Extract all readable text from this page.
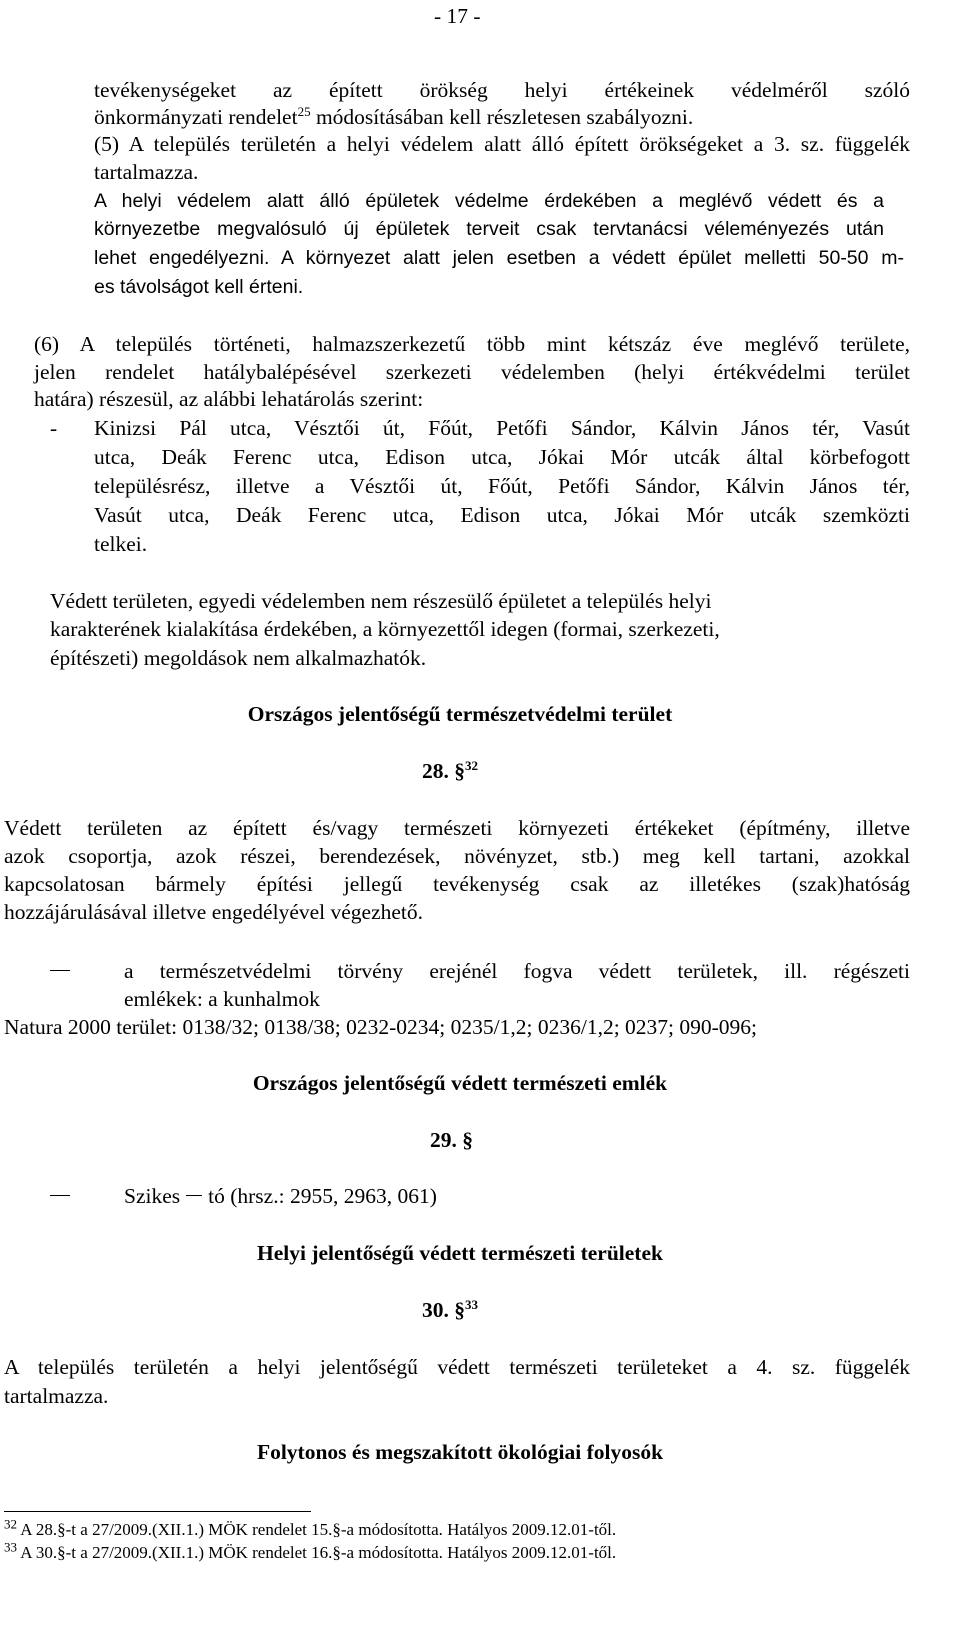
- 17 -
tevékenységeket az épített örökség helyi értékeinek védelméről szóló
önkormányzati rendelet$^{25}$ módosításában kell részletesen szabályozni.
(5) A település területén a helyi védelem alatt álló épített örökségeket a 3. sz. függelék
tartalmazza.
A helyi védelem alatt álló épületek védelme érdekében a meglévő védett és a
környezetbe megvalósuló új épületek terveit csak tervtanácsi véleményezés után
lehet engedélyezni. A környezet alatt jelen esetben a védett épület melletti 50-50 m-
es távolságot kell érteni.
(6) A település történeti, halmazszerkezetű több mint kétszáz éve meglévő területe,
jelen rendelet hatálybalépésével szerkezeti védelemben (helyi értékvédelmi terület
határa) részesül, az alábbi lehatárolás szerint:
- Kinizsi Pál utca, Vésztői út, Főút, Petőfi Sándor, Kálvin János tér, Vasút
utca, Deák Ferenc utca, Edison utca, Jókai Mór utcák által körbefogott
településrész, illetve a Vésztői út, Főút, Petőfi Sándor, Kálvin János tér,
Vasút utca, Deák Ferenc utca, Edison utca, Jókai Mór utcák szemközti
telkei.
Védett területen, egyedi védelemben nem részesülő épületet a település helyi
karakterének kialakítása érdekében, a környezettől idegen (formai, szerkezeti,
építészeti) megoldások nem alkalmazhatók.
Országos jelentőségű természetvédelmi terület
28. §$^{32}$
Védett területen az épített és/vagy természeti környezeti értékeket (építmény, illetve
azok csoportja, azok részei, berendezések, növényzet, stb.) meg kell tartani, azokkal
kapcsolatosan bármely építési jellegű tevékenység csak az illetékes (szak)hatóság
hozzájárulásával illetve engedélyével végezhető.
a természetvédelmi törvény erejénél fogva védett területek, ill. régészeti
emlékek: a kunhalmok
Natura 2000 terület: 0138/32; 0138/38; 0232-0234; 0235/1,2; 0236/1,2; 0237; 090-096;
Országos jelentőségű védett természeti emlék
29. §
Szikes tó (hrsz.: 2955, 2963, 061)
Helyi jelentőségű védett természeti területek
30. §$^{33}$
A település területén a helyi jelentőségű védett természeti területeket a 4. sz. függelék
tartalmazza.
Folytonos és megszakított ökológiai folyosók
$^{32}$ A 28.§-t a 27/2009.(XII.1.) MÖK rendelet 15.§-a módosította. Hatályos 2009.12.01-től.
$^{33}$ A 30.§-t a 27/2009.(XII.1.) MÖK rendelet 16.§-a módosította. Hatályos 2009.12.01-től.
